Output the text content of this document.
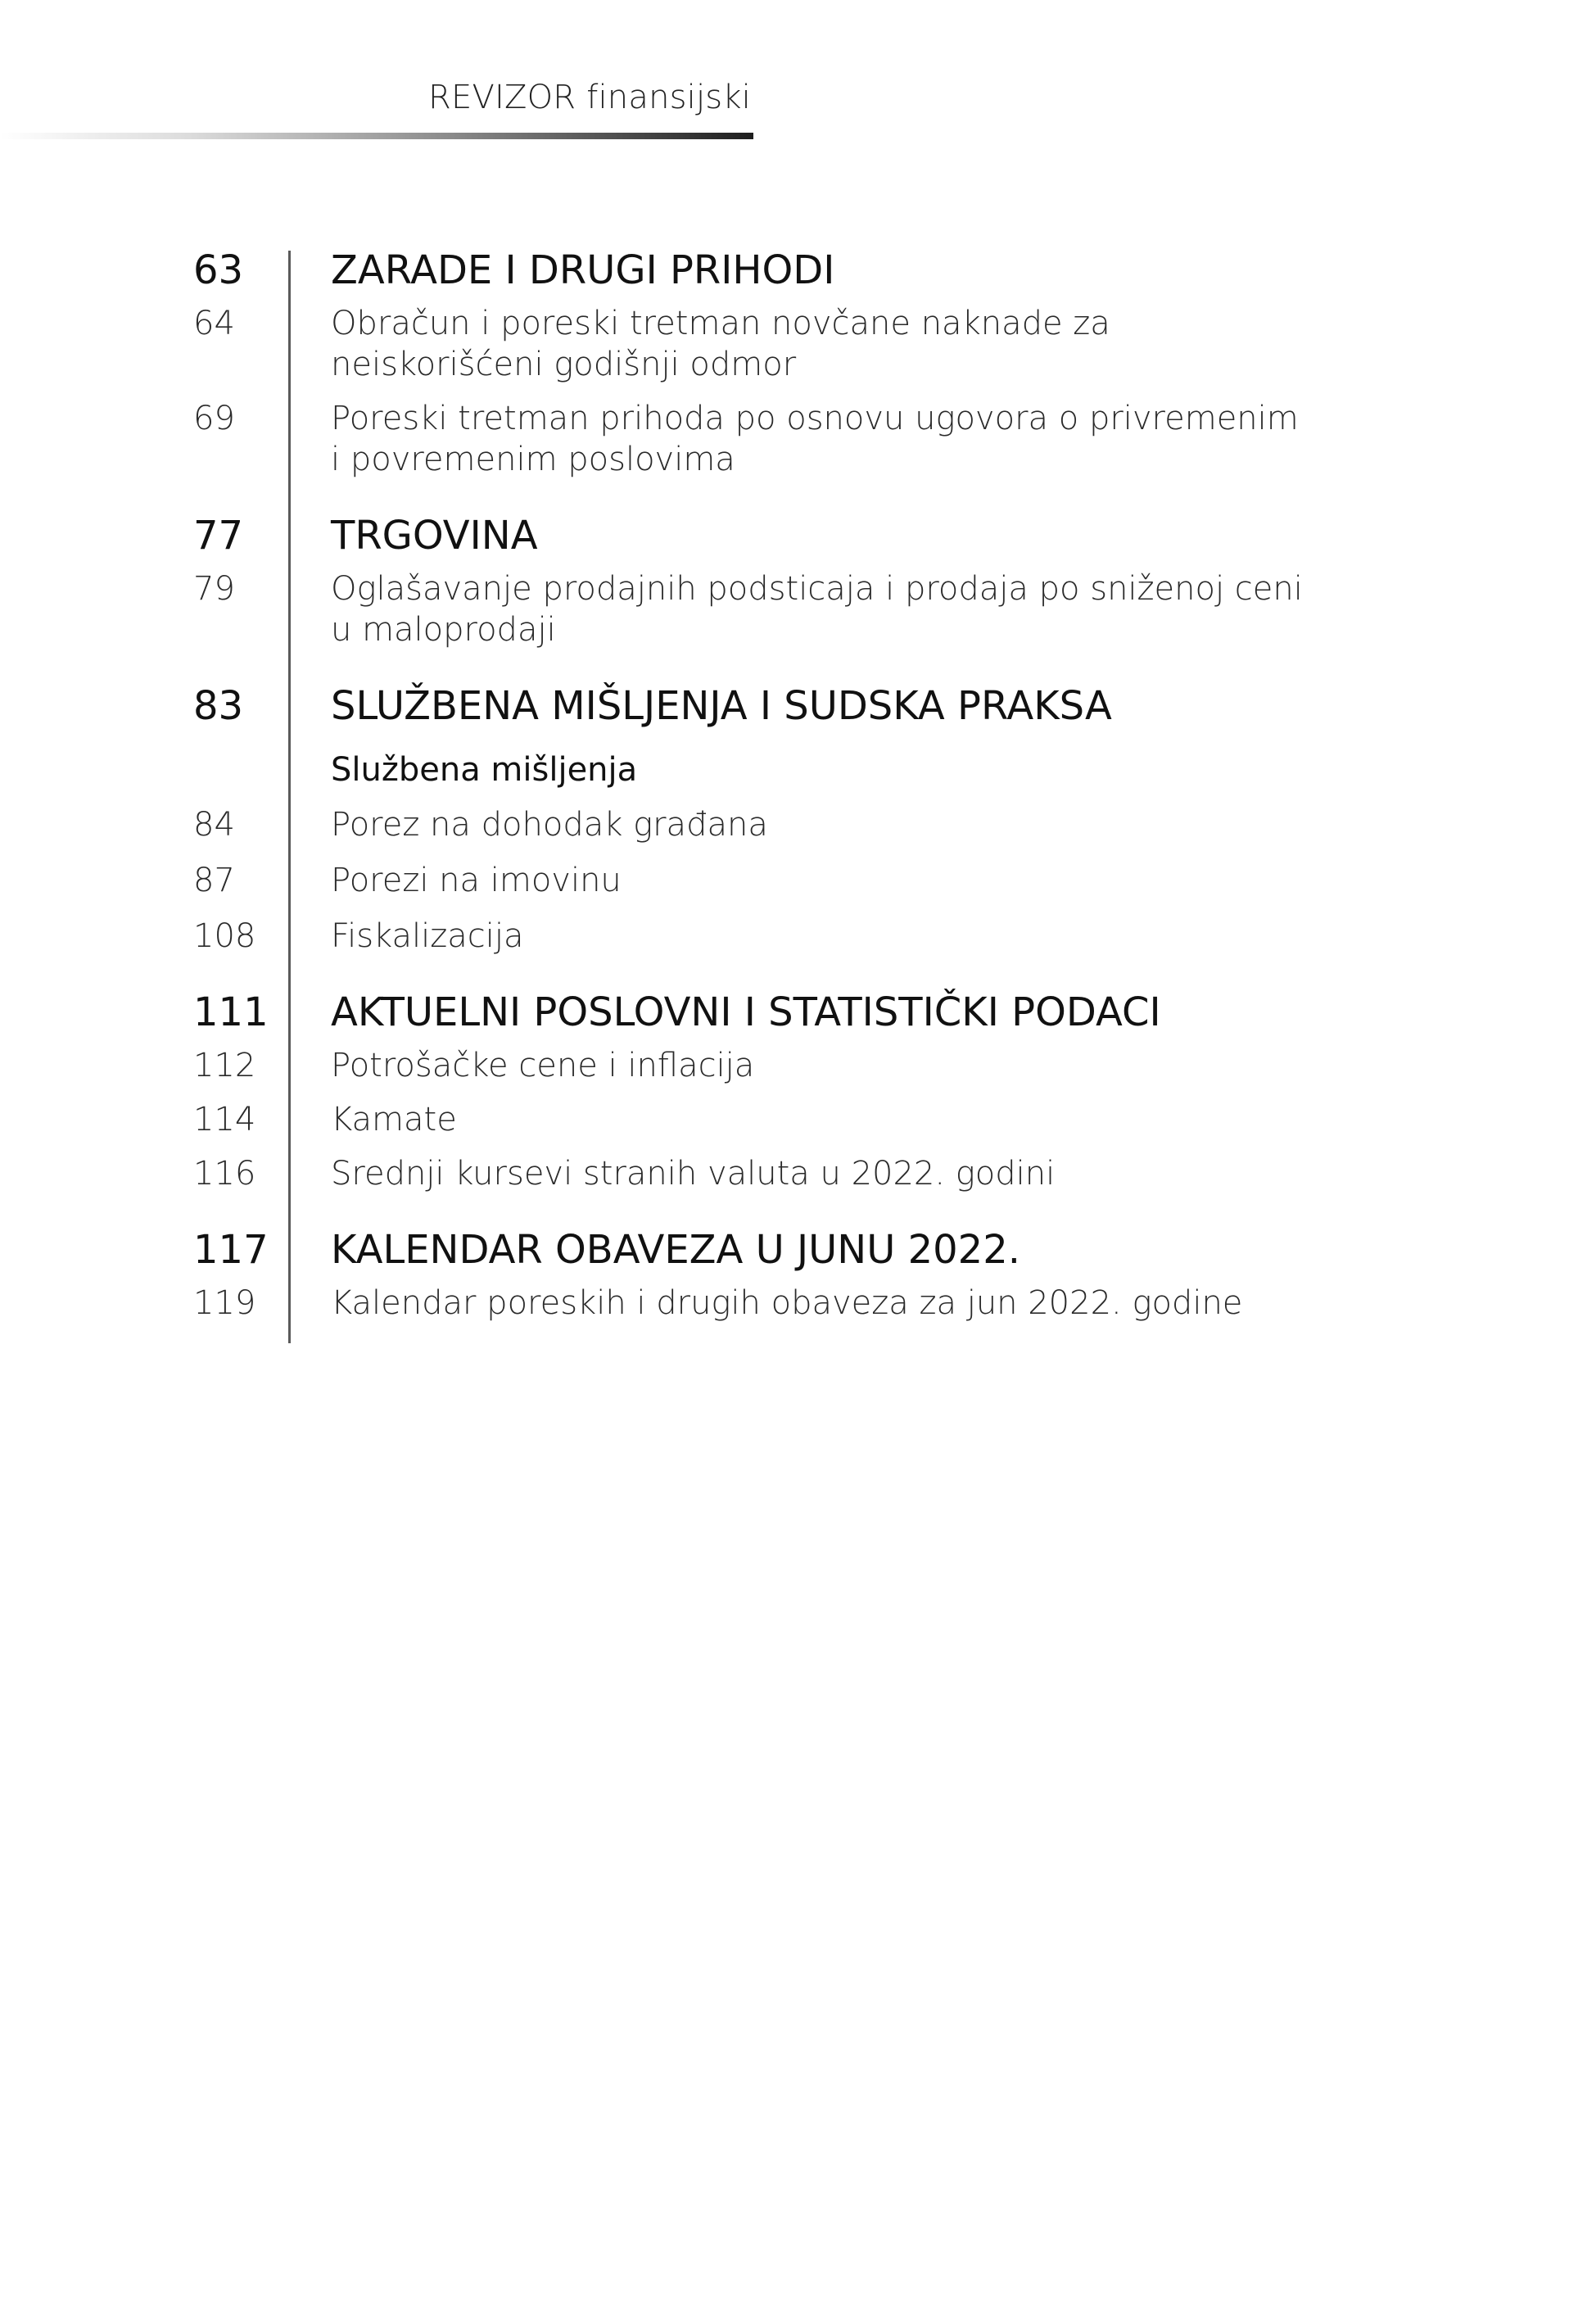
REVIZOR finansijski
63	ZARADE I DRUGI PRIHODI
64	Obračun i poreski tretman novčane naknade za neiskorišćeni godišnji odmor
69	Poreski tretman prihoda po osnovu ugovora o privremenim i povremenim poslovima
77	TRGOVINA
79	Oglašavanje prodajnih podsticaja i prodaja po sniženoj ceni u maloprodaji
83	SLUŽBENA MIŠLJENJA I SUDSKA PRAKSA
Službena mišljenja
84	Porez na dohodak građana
87	Porezi na imovinu
108	Fiskalizacija
111	AKTUELNI POSLOVNI I STATISTIČKI PODACI
112	Potrošačke cene i inflacija
114	Kamate
116	Srednji kursevi stranih valuta u 2022. godini
117	KALENDAR OBAVEZA U JUNU 2022.
119	Kalendar poreskih i drugih obaveza za jun 2022. godine
